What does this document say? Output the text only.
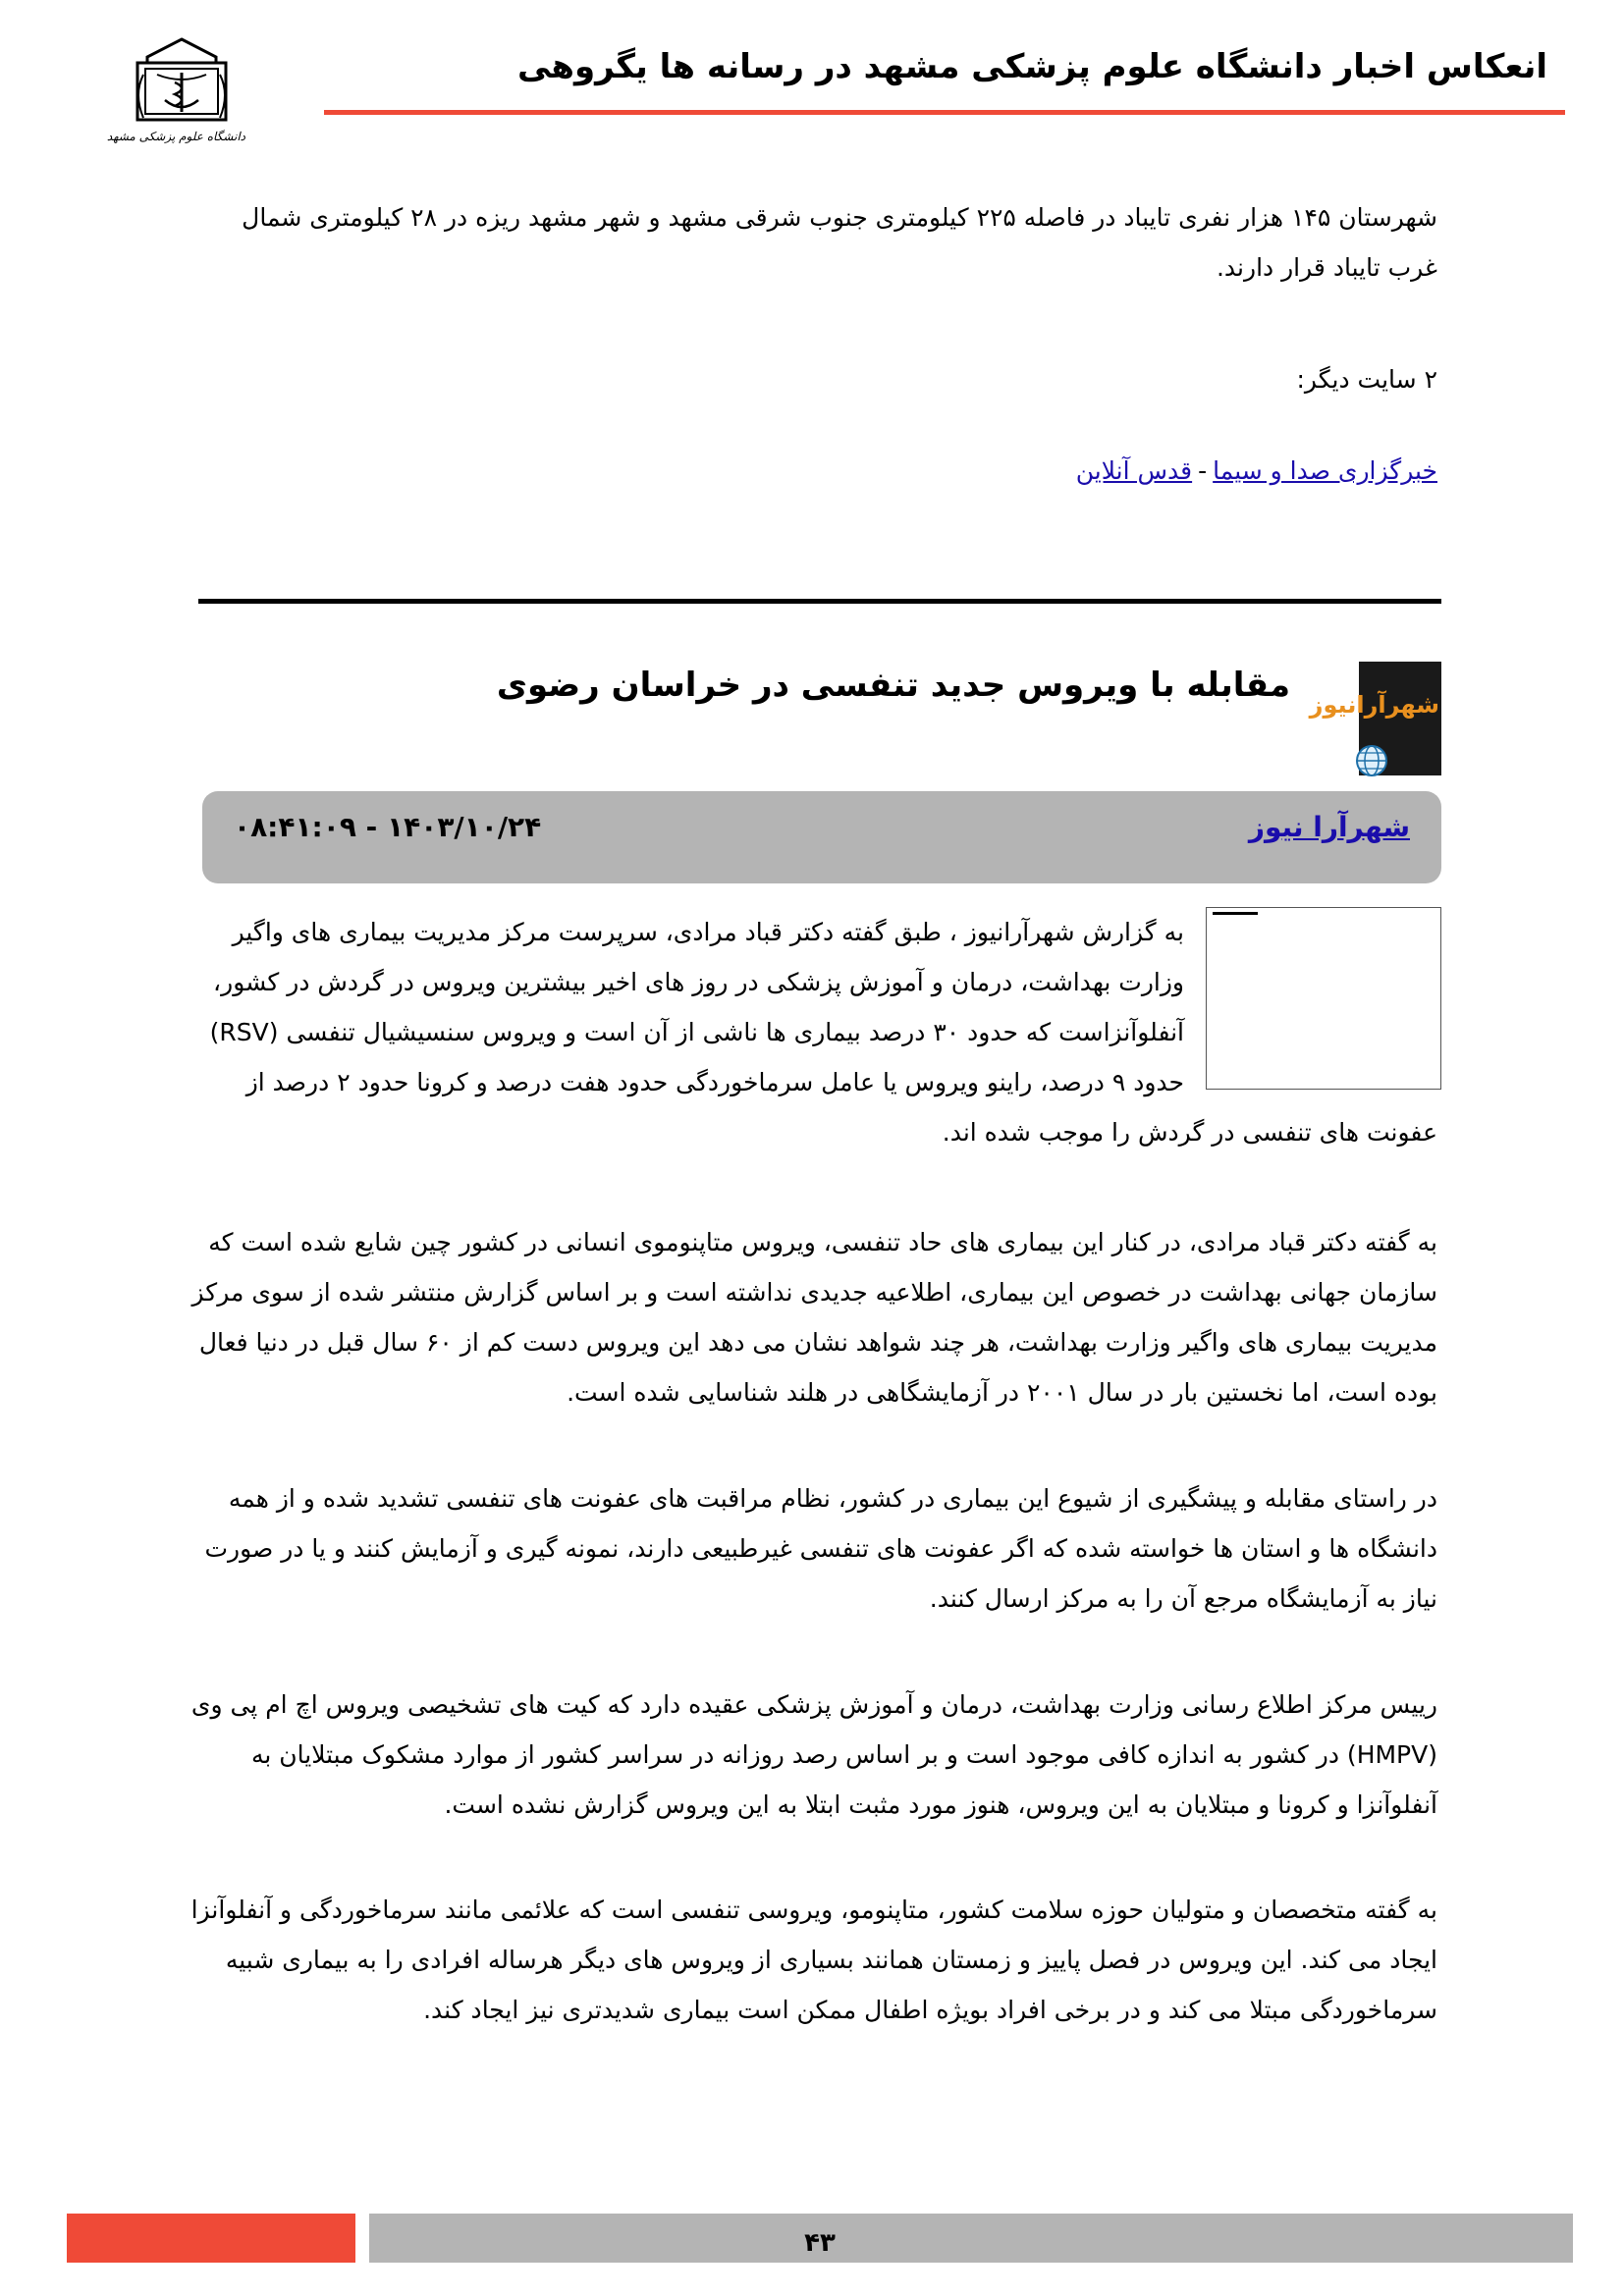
دانشگاه علوم پزشکی مشهد
انعکاس اخبار دانشگاه علوم پزشکی مشهد در رسانه ها یگروهی

شهرستان ۱۴۵ هزار نفری تایباد در فاصله ۲۲۵ کیلومتری جنوب شرقی مشهد و شهر مشهد ریزه در ۲۸ کیلومتری شمال غرب تایباد قرار دارند.

۲ سایت دیگر:
خبرگزاری صدا و سیما-قدس آنلاین
شهرآرانیوز
مقابله با ویروس جدید تنفسی در خراسان رضوی
شهرآرا نیوز
۱۴۰۳/۱۰/۲۴ - ۰۸:۴۱:۰۹

به گزارش شهرآرانیوز ، طبق گفته دکتر قباد مرادی، سرپرست مرکز مدیریت بیماری های واگیر وزارت بهداشت، درمان و آموزش پزشکی در روز های اخیر بیشترین ویروس در گردش در کشور، آنفلوآنزاست که حدود ۳۰ درصد بیماری ها ناشی از آن است و ویروس سنسیشیال تنفسی (RSV) حدود ۹ درصد، راینو ویروس یا عامل سرماخوردگی حدود هفت درصد و کرونا حدود ۲ درصد از

عفونت های تنفسی در گردش را موجب شده اند.

به گفته دکتر قباد مرادی، در کنار این بیماری های حاد تنفسی، ویروس متاپنوموی انسانی در کشور چین شایع شده است که سازمان جهانی بهداشت در خصوص این بیماری، اطلاعیه جدیدی نداشته است و بر اساس گزارش منتشر شده از سوی مرکز مدیریت بیماری های واگیر وزارت بهداشت، هر چند شواهد نشان می دهد این ویروس دست کم از ۶۰ سال قبل در دنیا فعال بوده است، اما نخستین بار در سال ۲۰۰۱ در آزمایشگاهی در هلند شناسایی شده است.

در راستای مقابله و پیشگیری از شیوع این بیماری در کشور، نظام مراقبت های عفونت های تنفسی تشدید شده و از همه دانشگاه ها و استان ها خواسته شده که اگر عفونت های تنفسی غیرطبیعی دارند، نمونه گیری و آزمایش کنند و یا در صورت نیاز به آزمایشگاه مرجع آن را به مرکز ارسال کنند.

رییس مرکز اطلاع رسانی وزارت بهداشت، درمان و آموزش پزشکی عقیده دارد که کیت های تشخیصی ویروس اچ ام پی وی (HMPV) در کشور به اندازه کافی موجود است و بر اساس رصد روزانه در سراسر کشور از موارد مشکوک مبتلایان به آنفلوآنزا و کرونا و مبتلایان به این ویروس، هنوز مورد مثبت ابتلا به این ویروس گزارش نشده است.

به گفته متخصصان و متولیان حوزه سلامت کشور، متاپنومو، ویروسی تنفسی است که علائمی مانند سرماخوردگی و آنفلوآنزا ایجاد می کند. این ویروس در فصل پاییز و زمستان همانند بسیاری از ویروس های دیگر هرساله افرادی را به بیماری شبیه سرماخوردگی مبتلا می کند و در برخی افراد بویژه اطفال ممکن است بیماری شدیدتری نیز ایجاد کند.

۴۳
